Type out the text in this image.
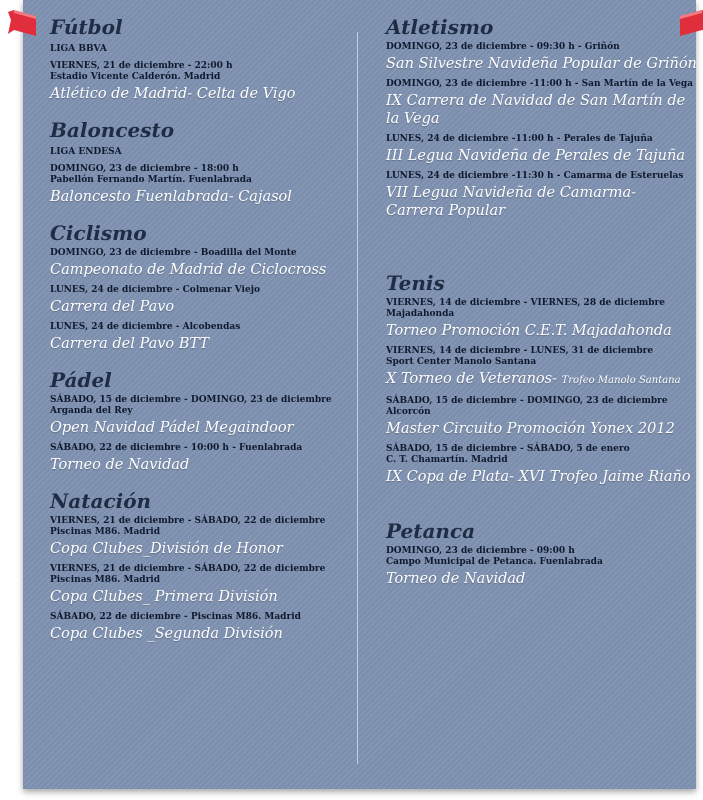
Fútbol
LIGA BBVA
VIERNES, 21 de diciembre - 22:00 h
Estadio Vicente Calderón. Madrid
Atlético de Madrid- Celta de Vigo
Baloncesto
LIGA ENDESA
DOMINGO, 23 de diciembre - 18:00 h
Pabellón Fernando Martín. Fuenlabrada
Baloncesto Fuenlabrada- Cajasol
Ciclismo
DOMINGO, 23 de diciembre - Boadilla del Monte
Campeonato de Madrid de Ciclocross
LUNES, 24 de diciembre - Colmenar Viejo
Carrera del Pavo
LUNES, 24 de diciembre - Alcobendas
Carrera del Pavo BTT
Pádel
SÁBADO, 15 de diciembre - DOMINGO, 23 de diciembre
Arganda del Rey
Open Navidad Pádel Megaindoor
SÁBADO, 22 de diciembre - 10:00 h - Fuenlabrada
Torneo de Navidad
Natación
VIERNES, 21 de diciembre - SÁBADO, 22 de diciembre
Piscinas M86. Madrid
Copa Clubes_División de Honor
VIERNES, 21 de diciembre - SÁBADO, 22 de diciembre
Piscinas M86. Madrid
Copa Clubes_ Primera División
SÁBADO, 22 de diciembre - Piscinas M86. Madrid
Copa Clubes _Segunda División
Atletismo
DOMINGO, 23 de diciembre - 09:30 h - Griñón
San Silvestre Navideña Popular de Griñón
DOMINGO, 23 de diciembre -11:00 h - San Martín de la Vega
IX Carrera de Navidad de San Martín de
la Vega
LUNES, 24 de diciembre -11:00 h - Perales de Tajuña
III Legua Navideña de Perales de Tajuña
LUNES, 24 de diciembre -11:30 h - Camarma de Esteruelas
VII Legua Navideña de Camarma-
Carrera Popular
Tenis
VIERNES, 14 de diciembre - VIERNES, 28 de diciembre
Majadahonda
Torneo Promoción C.E.T. Majadahonda
VIERNES, 14 de diciembre - LUNES, 31 de diciembre
Sport Center Manolo Santana
X Torneo de Veteranos- Trofeo Manolo Santana
SÁBADO, 15 de diciembre - DOMINGO, 23 de diciembre
Alcorcón
Master Circuito Promoción Yonex 2012
SÁBADO, 15 de diciembre - SÁBADO, 5 de enero
C. T. Chamartín. Madrid
IX Copa de Plata- XVI Trofeo Jaime Riaño
Petanca
DOMINGO, 23 de diciembre - 09:00 h
Campo Municipal de Petanca. Fuenlabrada
Torneo de Navidad
